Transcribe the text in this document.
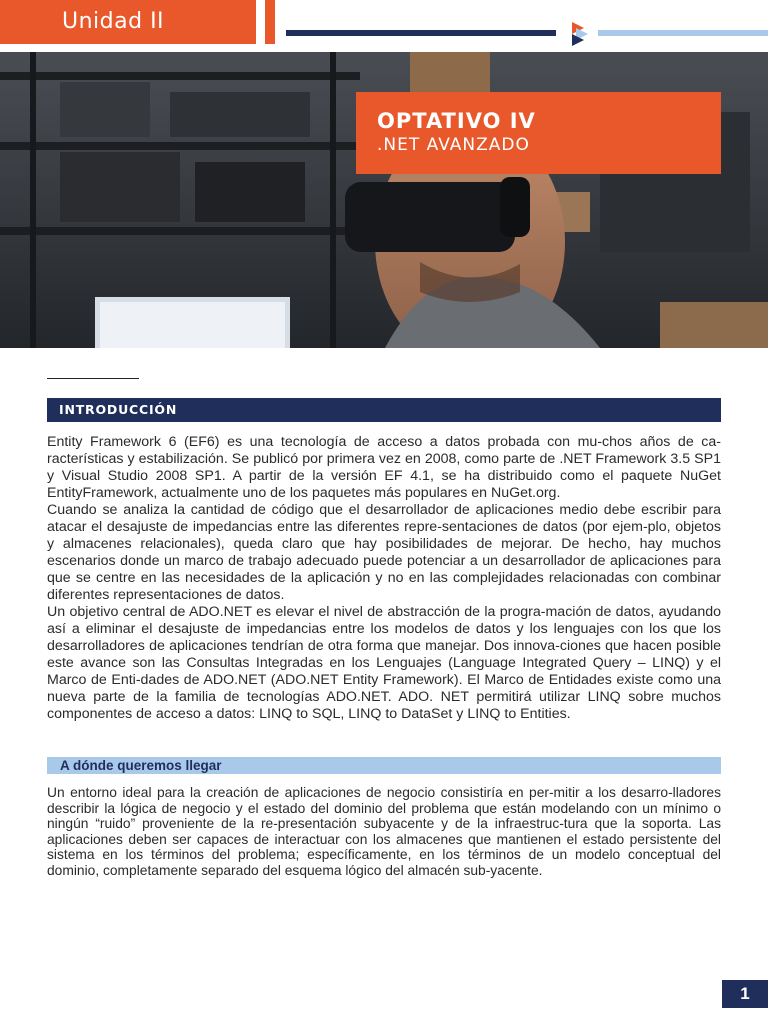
Unidad II
OPTATIVO IV
.NET AVANZADO
INTRODUCCIÓN

Entity Framework 6 (EF6) es una tecnología de acceso a datos probada con mu-chos años de ca-racterísticas y estabilización. Se publicó por primera vez en 2008, como parte de .NET Framework 3.5 SP1 y Visual Studio 2008 SP1. A partir de la versión EF 4.1, se ha distribuido como el paquete NuGet EntityFramework, actualmente uno de los paquetes más populares en NuGet.org.

Cuando se analiza la cantidad de código que el desarrollador de aplicaciones medio debe escribir para atacar el desajuste de impedancias entre las diferentes repre-sentaciones de datos (por ejem-plo, objetos y almacenes relacionales), queda claro que hay posibilidades de mejorar. De hecho, hay muchos escenarios donde un marco de trabajo adecuado puede potenciar a un desarrollador de aplicaciones para que se centre en las necesidades de la aplicación y no en las complejidades relacionadas con combinar diferentes representaciones de datos.

Un objetivo central de ADO.NET es elevar el nivel de abstracción de la progra-mación de datos, ayudando así a eliminar el desajuste de impedancias entre los modelos de datos y los lenguajes con los que los desarrolladores de aplicaciones tendrían de otra forma que manejar. Dos innova-ciones que hacen posible este avance son las Consultas Integradas en los Lenguajes (Language Integrated Query – LINQ) y el Marco de Enti-dades de ADO.NET (ADO.NET Entity Framework). El Marco de Entidades existe como una nueva parte de la familia de tecnologías ADO.NET. ADO. NET permitirá utilizar LINQ sobre muchos componentes de acceso a datos: LINQ to SQL, LINQ to DataSet y LINQ to Entities.

A dónde queremos llegar

Un entorno ideal para la creación de aplicaciones de negocio consistiría en per-mitir a los desarro-lladores describir la lógica de negocio y el estado del dominio del problema que están modelando con un mínimo o ningún “ruido” proveniente de la re-presentación subyacente y de la infraestruc-tura que la soporta. Las aplicaciones deben ser capaces de interactuar con los almacenes que mantienen el estado persistente del sistema en los términos del problema; específicamente, en los términos de un modelo conceptual del dominio, completamente separado del esquema lógico del almacén sub-yacente.

1
